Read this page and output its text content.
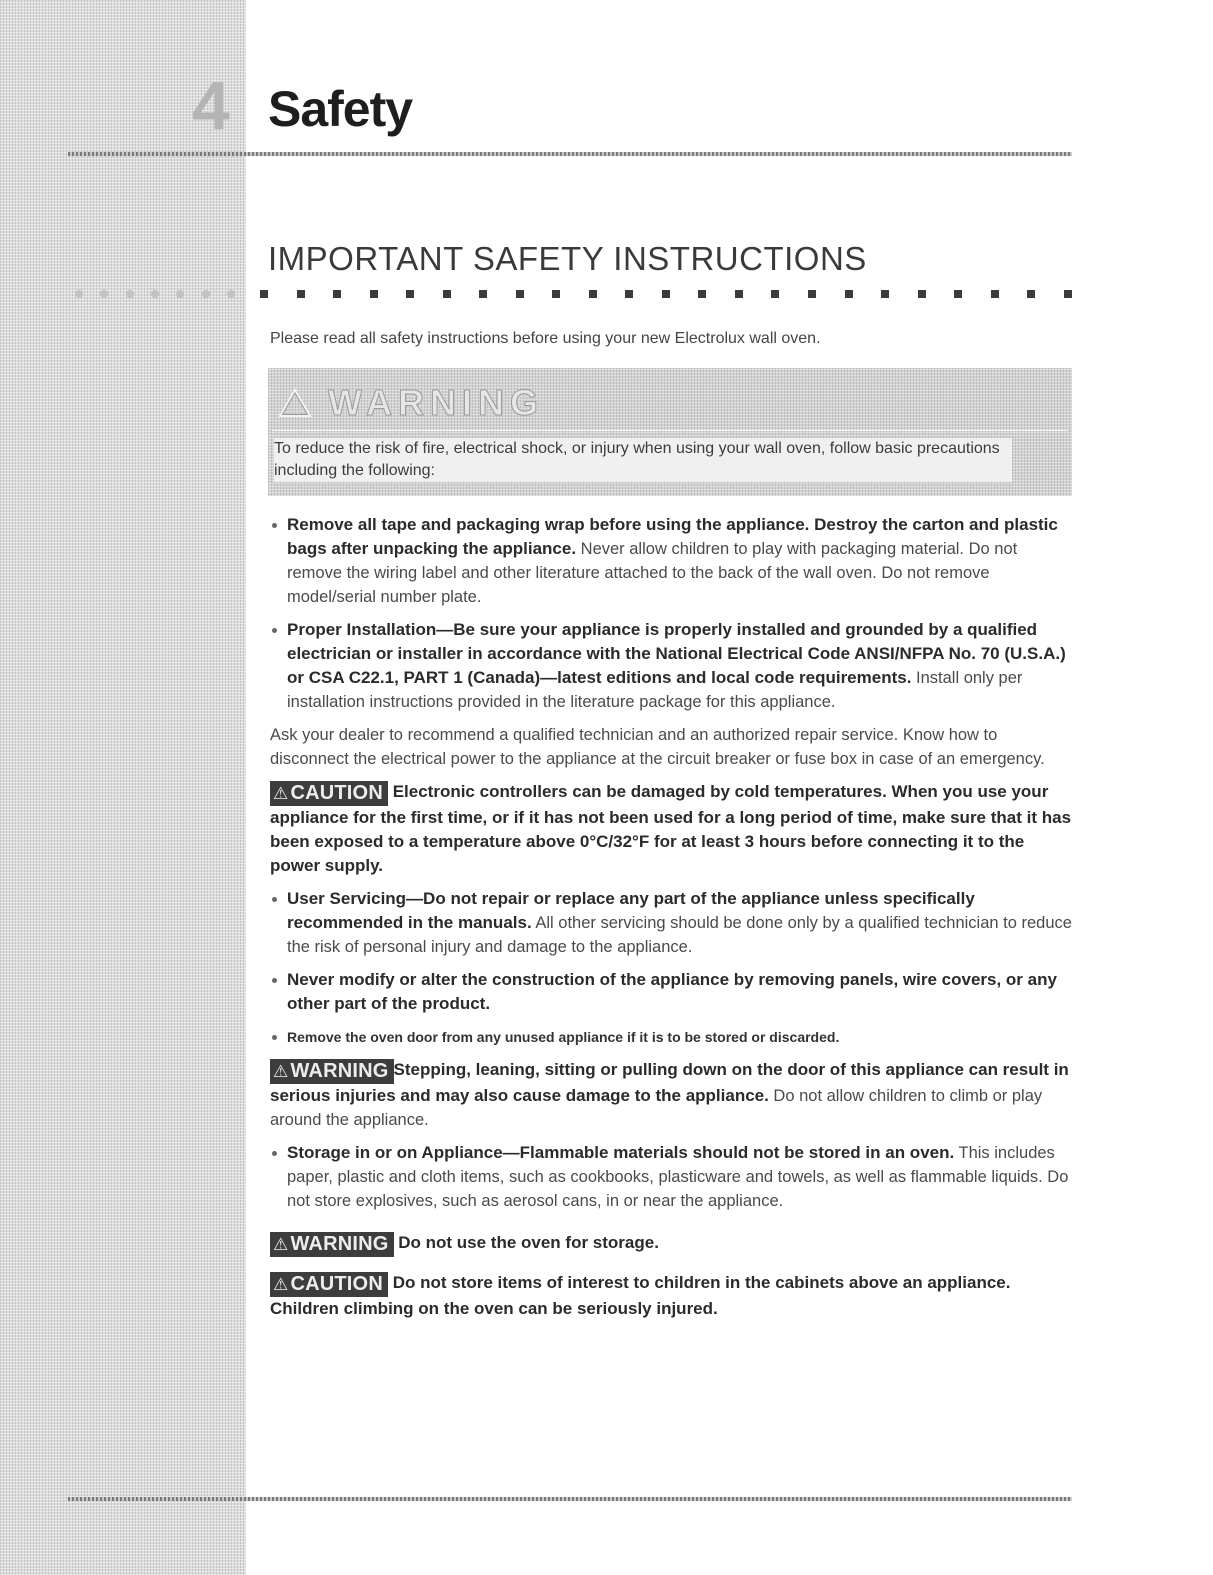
4 Safety
IMPORTANT SAFETY INSTRUCTIONS
Please read all safety instructions before using your new Electrolux wall oven.
WARNING
To reduce the risk of fire, electrical shock, or injury when using your wall oven, follow basic precautions including the following:
Remove all tape and packaging wrap before using the appliance. Destroy the carton and plastic bags after unpacking the appliance. Never allow children to play with packaging material. Do not remove the wiring label and other literature attached to the back of the wall oven. Do not remove model/serial number plate.
Proper Installation—Be sure your appliance is properly installed and grounded by a qualified electrician or installer in accordance with the National Electrical Code ANSI/NFPA No. 70 (U.S.A.) or CSA C22.1, PART 1 (Canada)—latest editions and local code requirements. Install only per installation instructions provided in the literature package for this appliance.

Ask your dealer to recommend a qualified technician and an authorized repair service. Know how to disconnect the electrical power to the appliance at the circuit breaker or fuse box in case of an emergency.

⚠ CAUTION Electronic controllers can be damaged by cold temperatures. When you use your appliance for the first time, or if it has not been used for a long period of time, make sure that it has been exposed to a temperature above 0°C/32°F for at least 3 hours before connecting it to the power supply.

User Servicing—Do not repair or replace any part of the appliance unless specifically recommended in the manuals. All other servicing should be done only by a qualified technician to reduce the risk of personal injury and damage to the appliance.
Never modify or alter the construction of the appliance by removing panels, wire covers, or any other part of the product.
Remove the oven door from any unused appliance if it is to be stored or discarded.

⚠ WARNING Stepping, leaning, sitting or pulling down on the door of this appliance can result in serious injuries and may also cause damage to the appliance. Do not allow children to climb or play around the appliance.

Storage in or on Appliance—Flammable materials should not be stored in an oven. This includes paper, plastic and cloth items, such as cookbooks, plasticware and towels, as well as flammable liquids. Do not store explosives, such as aerosol cans, in or near the appliance.

⚠ WARNING Do not use the oven for storage.

⚠ CAUTION Do not store items of interest to children in the cabinets above an appliance. Children climbing on the oven can be seriously injured.
